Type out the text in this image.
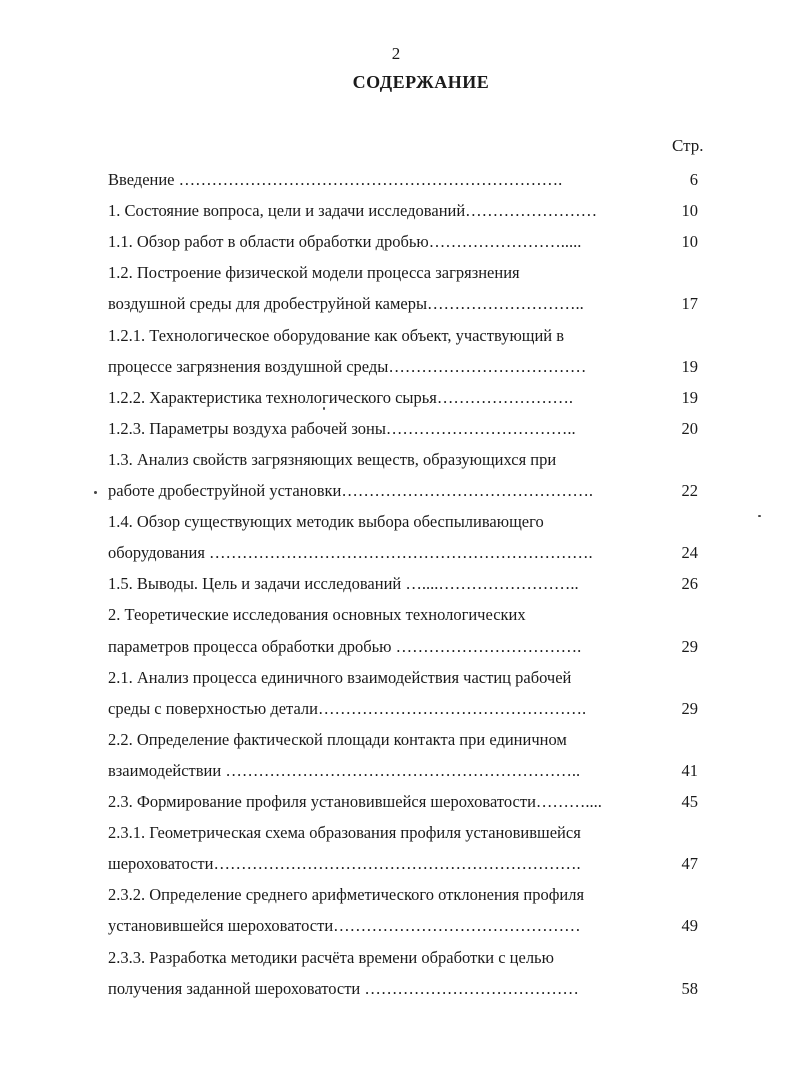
2
СОДЕРЖАНИЕ
Стр.
Введение …………………………………………………………….	6
1. Состояние вопроса, цели и задачи исследований……………………	10
1.1. Обзор работ в области обработки дробью…………………….....	10
1.2. Построение физической модели процесса загрязнения
воздушной среды для дробеструйной камеры………………………..	17
1.2.1. Технологическое оборудование как объект, участвующий в
процессе загрязнения воздушной среды………………………………	19
1.2.2. Характеристика технологического сырья…………………….	19
1.2.3. Параметры воздуха рабочей зоны……………………………..	20
1.3. Анализ свойств загрязняющих веществ, образующихся при
работе дробеструйной установки……………………………………….	22
1.4. Обзор существующих методик выбора обеспыливающего
оборудования …………………………………………………………….	24
1.5. Выводы. Цель и задачи исследований …....……………………..	26
2. Теоретические исследования основных технологических
параметров процесса обработки дробью …………………………….	29
2.1. Анализ процесса единичного взаимодействия частиц рабочей
среды с поверхностью детали………………………………………….	29
2.2. Определение фактической площади контакта при единичном
взаимодействии ………………………………………………………..	41
2.3. Формирование профиля установившейся шероховатости………....	45
2.3.1. Геометрическая схема образования профиля установившейся
шероховатости………………………………………………………….	47
2.3.2. Определение среднего арифметического отклонения профиля
установившейся шероховатости………………………………………	49
2.3.3. Разработка методики расчёта времени обработки с целью
получения заданной шероховатости …………………………………	58
